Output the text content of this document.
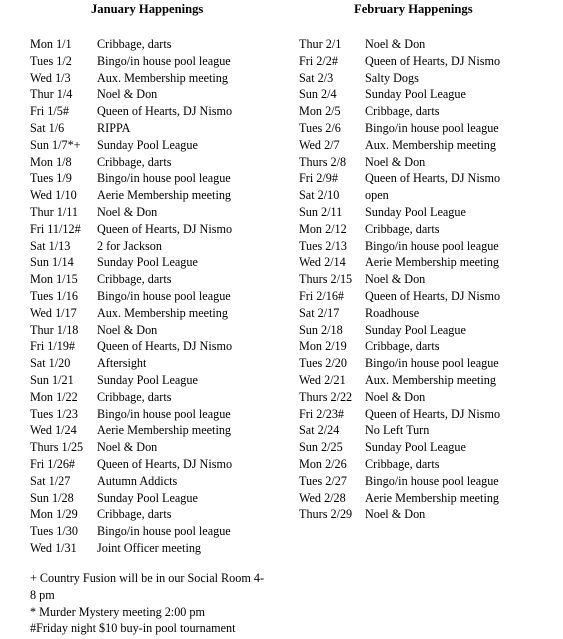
January Happenings
Mon 1/1 Cribbage, darts
Tues 1/2 Bingo/in house pool league
Wed 1/3 Aux. Membership meeting
Thur 1/4 Noel & Don
Fri 1/5# Queen of Hearts, DJ Nismo
Sat 1/6	RIPPA
Sun 1/7*+ Sunday Pool League
Mon 1/8 Cribbage, darts
Tues 1/9 Bingo/in house pool league
Wed 1/10 Aerie Membership meeting
Thur 1/11 Noel & Don
Fri 11/12# Queen of Hearts, DJ Nismo
Sat 1/13 2 for Jackson
Sun 1/14 Sunday Pool League
Mon 1/15 Cribbage, darts
Tues 1/16 Bingo/in house pool league
Wed 1/17 Aux. Membership meeting
Thur 1/18 Noel & Don
Fri 1/19# Queen of Hearts, DJ Nismo
Sat 1/20 Aftersight
Sun 1/21 Sunday Pool League
Mon 1/22 Cribbage, darts
Tues 1/23 Bingo/in house pool league
Wed 1/24 Aerie Membership meeting
Thurs 1/25 Noel & Don
Fri 1/26# Queen of Hearts, DJ Nismo
Sat 1/27 Autumn Addicts
Sun 1/28 Sunday Pool League
Mon 1/29 Cribbage, darts
Tues 1/30 Bingo/in house pool league
Wed 1/31 Joint Officer meeting
+ Country Fusion will be in our Social Room 4-8 pm
* Murder Mystery meeting 2:00 pm
#Friday night $10 buy-in pool tournament
February Happenings
Thur 2/1 Noel & Don
Fri 2/2# Queen of Hearts, DJ Nismo
Sat 2/3	Salty Dogs
Sun 2/4 Sunday Pool League
Mon 2/5 Cribbage, darts
Tues 2/6 Bingo/in house pool league
Wed 2/7 Aux. Membership meeting
Thurs 2/8 Noel & Don
Fri 2/9# Queen of Hearts, DJ Nismo
Sat 2/10 open
Sun 2/11 Sunday Pool League
Mon 2/12 Cribbage, darts
Tues 2/13 Bingo/in house pool league
Wed 2/14 Aerie Membership meeting
Thurs 2/15 Noel & Don
Fri 2/16# Queen of Hearts, DJ Nismo
Sat 2/17 Roadhouse
Sun 2/18 Sunday Pool League
Mon 2/19 Cribbage, darts
Tues 2/20 Bingo/in house pool league
Wed 2/21 Aux. Membership meeting
Thurs 2/22 Noel & Don
Fri 2/23# Queen of Hearts, DJ Nismo
Sat 2/24 No Left Turn
Sun 2/25 Sunday Pool League
Mon 2/26 Cribbage, darts
Tues 2/27 Bingo/in house pool league
Wed 2/28 Aerie Membership meeting
Thurs 2/29 Noel & Don
